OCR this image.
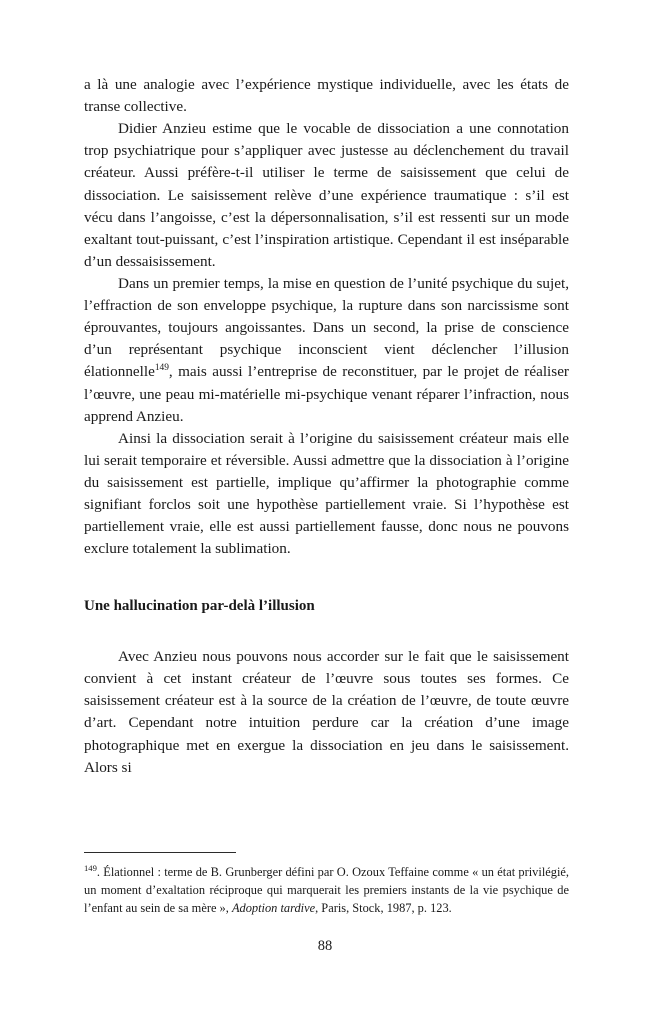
a là une analogie avec l’expérience mystique individuelle, avec les états de transe collective.

Didier Anzieu estime que le vocable de dissociation a une connotation trop psychiatrique pour s’appliquer avec justesse au déclenchement du travail créateur. Aussi préfère-t-il utiliser le terme de saisissement que celui de dissociation. Le saisissement relève d’une expérience traumatique : s’il est vécu dans l’angoisse, c’est la dépersonnalisation, s’il est ressenti sur un mode exaltant tout-puissant, c’est l’inspiration artistique. Cependant il est inséparable d’un dessaisissement.

Dans un premier temps, la mise en question de l’unité psychique du sujet, l’effraction de son enveloppe psychique, la rupture dans son narcissisme sont éprouvantes, toujours angoissantes. Dans un second, la prise de conscience d’un représentant psychique inconscient vient déclencher l’illusion élationnelle$^{149}$, mais aussi l’entreprise de reconstituer, par le projet de réaliser l’œuvre, une peau mi-matérielle mi-psychique venant réparer l’infraction, nous apprend Anzieu.

Ainsi la dissociation serait à l’origine du saisissement créateur mais elle lui serait temporaire et réversible. Aussi admettre que la dissociation à l’origine du saisissement est partielle, implique qu’affirmer la photographie comme signifiant forclos soit une hypothèse partiellement vraie. Si l’hypothèse est partiellement vraie, elle est aussi partiellement fausse, donc nous ne pouvons exclure totalement la sublimation.

Une hallucination par-delà l’illusion

Avec Anzieu nous pouvons nous accorder sur le fait que le saisissement convient à cet instant créateur de l’œuvre sous toutes ses formes. Ce saisissement créateur est à la source de la création de l’œuvre, de toute œuvre d’art. Cependant notre intuition perdure car la création d’une image photographique met en exergue la dissociation en jeu dans le saisissement. Alors si

$^{149}$. Élationnel : terme de B. Grunberger défini par O. Ozoux Teffaine comme « un état privilégié, un moment d’exaltation réciproque qui marquerait les premiers instants de la vie psychique de l’enfant au sein de sa mère », Adoption tardive, Paris, Stock, 1987, p. 123.

88
